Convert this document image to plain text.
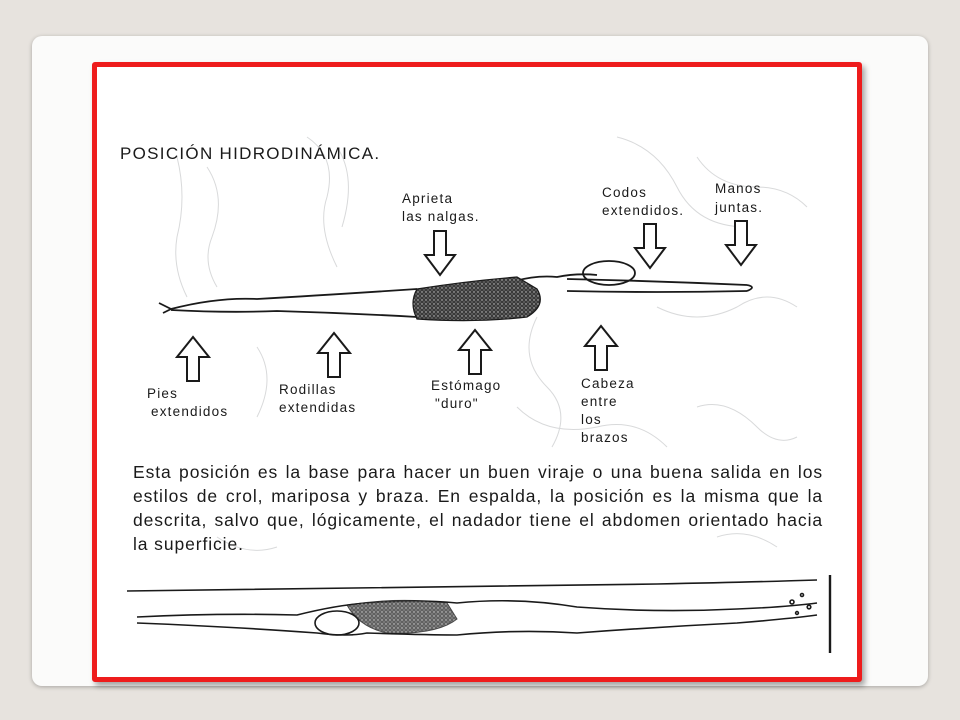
POSICIÓN HIDRODINÁMICA.
Aprieta
las nalgas.
Codos
extendidos.
Manos
juntas.
Pies
extendidos
Rodillas
extendidas
Estómago
"duro"
Cabeza
entre
los
brazos
Esta posición es la base para hacer un buen viraje o una buena salida en los estilos de crol, mariposa y braza. En espalda, la posición es la misma que la descrita, salvo que, lógicamente, el nadador tiene el abdomen orientado hacia la superficie.
